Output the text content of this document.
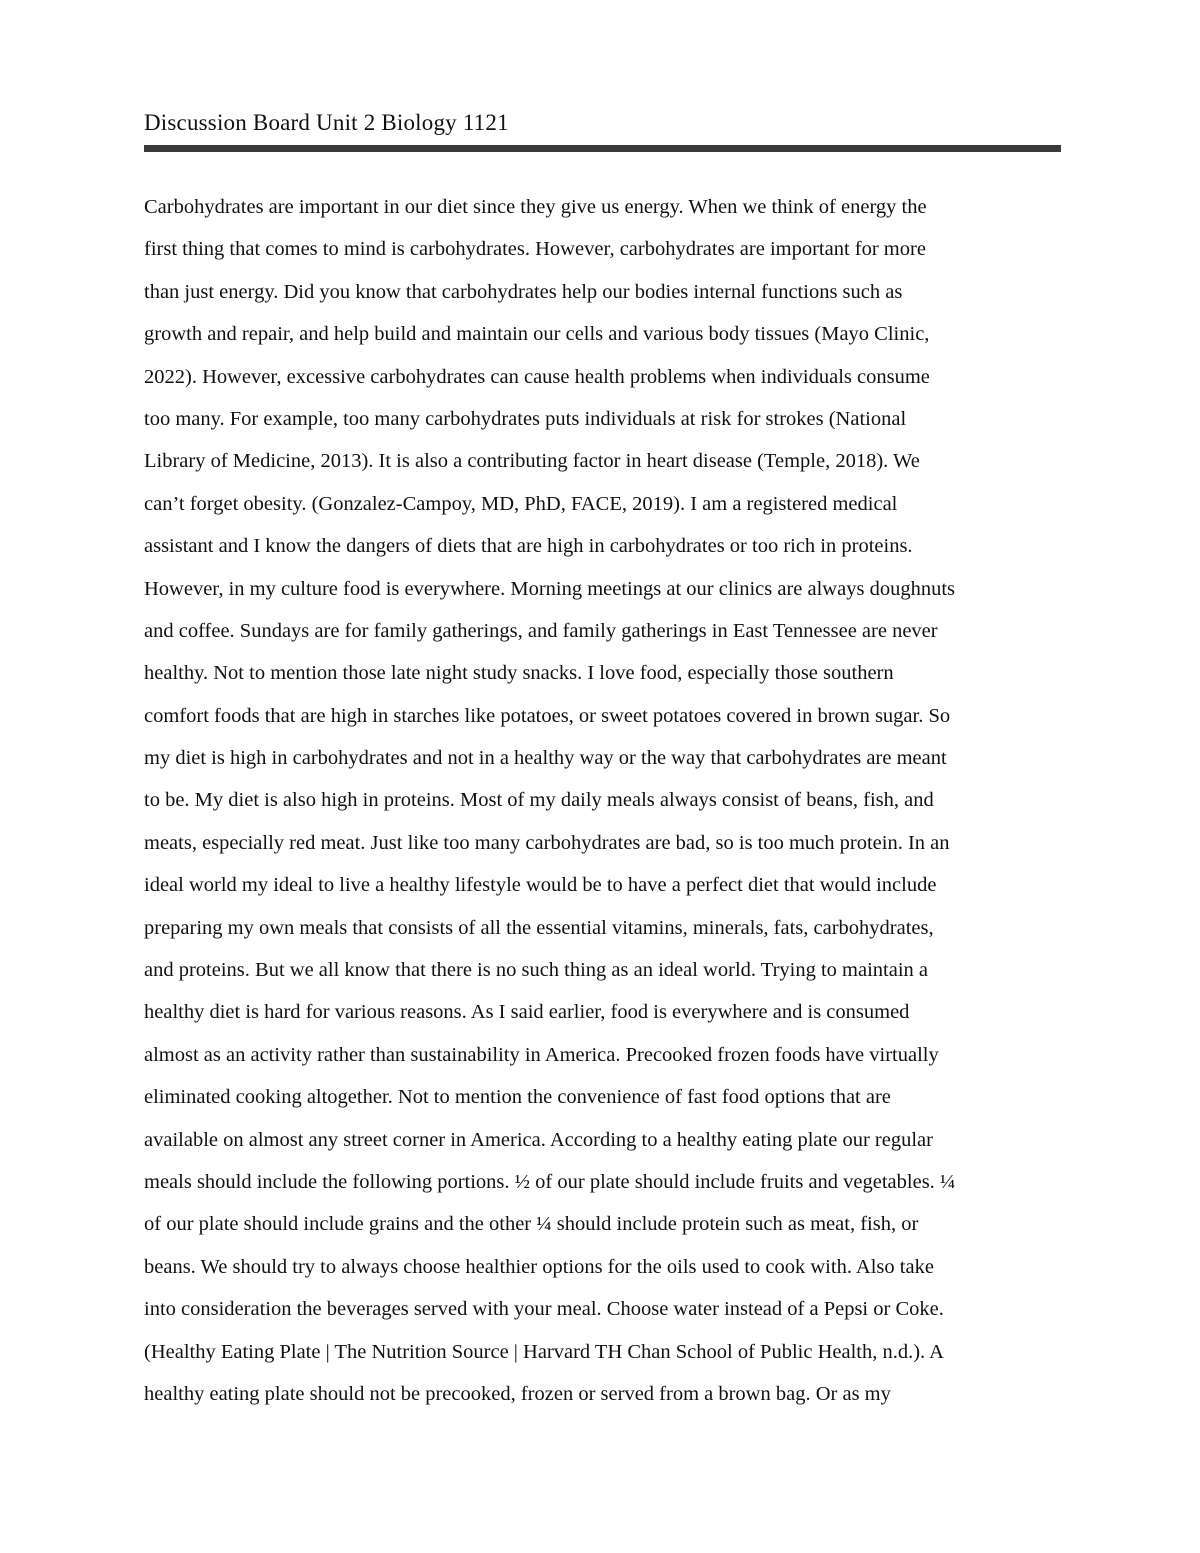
Discussion Board Unit 2 Biology 1121
Carbohydrates are important in our diet since they give us energy. When we think of energy the
first thing that comes to mind is carbohydrates. However, carbohydrates are important for more
than just energy. Did you know that carbohydrates help our bodies internal functions such as
growth and repair, and help build and maintain our cells and various body tissues (Mayo Clinic,
2022). However, excessive carbohydrates can cause health problems when individuals consume
too many. For example, too many carbohydrates puts individuals at risk for strokes (National
Library of Medicine, 2013). It is also a contributing factor in heart disease (Temple, 2018). We
can’t forget obesity. (Gonzalez-Campoy, MD, PhD, FACE, 2019). I am a registered medical
assistant and I know the dangers of diets that are high in carbohydrates or too rich in proteins.
However, in my culture food is everywhere. Morning meetings at our clinics are always doughnuts
and coffee. Sundays are for family gatherings, and family gatherings in East Tennessee are never
healthy. Not to mention those late night study snacks. I love food, especially those southern
comfort foods that are high in starches like potatoes, or sweet potatoes covered in brown sugar. So
my diet is high in carbohydrates and not in a healthy way or the way that carbohydrates are meant
to be. My diet is also high in proteins. Most of my daily meals always consist of beans, fish, and
meats, especially red meat. Just like too many carbohydrates are bad, so is too much protein. In an
ideal world my ideal to live a healthy lifestyle would be to have a perfect diet that would include
preparing my own meals that consists of all the essential vitamins, minerals, fats, carbohydrates,
and proteins. But we all know that there is no such thing as an ideal world. Trying to maintain a
healthy diet is hard for various reasons. As I said earlier, food is everywhere and is consumed
almost as an activity rather than sustainability in America. Precooked frozen foods have virtually
eliminated cooking altogether. Not to mention the convenience of fast food options that are
available on almost any street corner in America. According to a healthy eating plate our regular
meals should include the following portions. ½ of our plate should include fruits and vegetables. ¼
of our plate should include grains and the other ¼ should include protein such as meat, fish, or
beans. We should try to always choose healthier options for the oils used to cook with. Also take
into consideration the beverages served with your meal. Choose water instead of a Pepsi or Coke.
(Healthy Eating Plate | The Nutrition Source | Harvard TH Chan School of Public Health, n.d.). A
healthy eating plate should not be precooked, frozen or served from a brown bag. Or as my
